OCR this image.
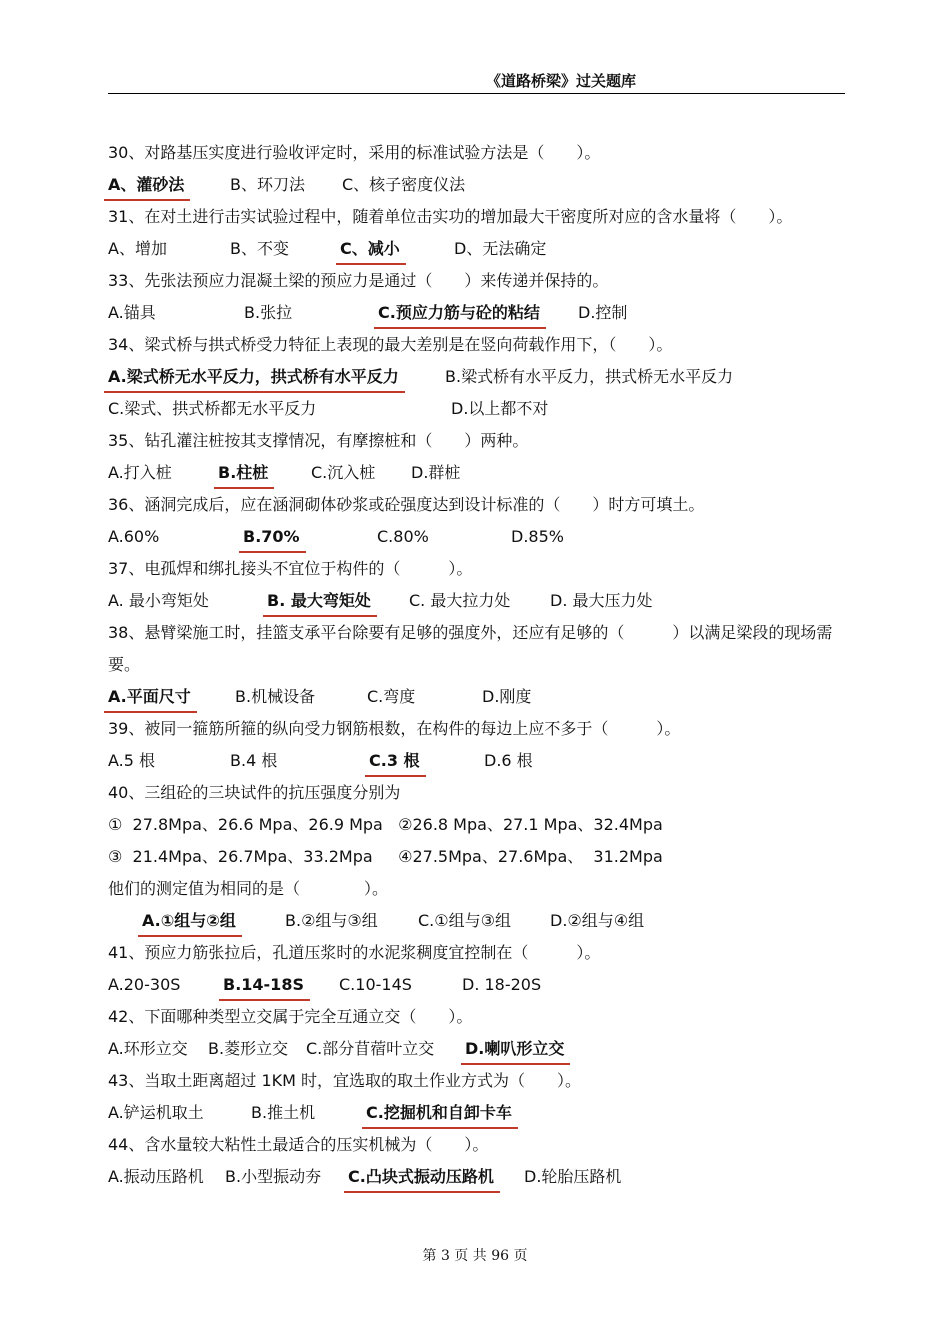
《道路桥梁》过关题库
30、对路基压实度进行验收评定时，采用的标准试验方法是（　　）。
A、灌砂法	B、环刀法 C、核子密度仪法
31、在对土进行击实试验过程中，随着单位击实功的增加最大干密度所对应的含水量将（　　）。
A、增加	B、不变	C、减小	D、无法确定
33、先张法预应力混凝土梁的预应力是通过（　　）来传递并保持的。
A.锚具	B.张拉	C.预应力筋与砼的粘结 D.控制
34、梁式桥与拱式桥受力特征上表现的最大差别是在竖向荷载作用下，（　　）。
A.梁式桥无水平反力，拱式桥有水平反力	B.梁式桥有水平反力，拱式桥无水平反力
C.梁式、拱式桥都无水平反力	D.以上都不对
35、钻孔灌注桩按其支撑情况，有摩擦桩和（　　）两种。
A.打入桩	B.柱桩	C.沉入桩 D.群桩
36、涵洞完成后，应在涵洞砌体砂浆或砼强度达到设计标准的（　　）时方可填土。
A.60%	B.70%	C.80%	D.85%
37、电孤焊和绑扎接头不宜位于构件的（　　　）。
A. 最小弯矩处	B. 最大弯矩处 C. 最大拉力处 D. 最大压力处
38、悬臂梁施工时，挂篮支承平台除要有足够的强度外，还应有足够的（　　　）以满足梁段的现场需
要。
A.平面尺寸	B.机械设备	C.弯度	D.刚度
39、被同一箍筋所箍的纵向受力钢筋根数，在构件的每边上应不多于（　　　）。
A.5 根	B.4 根	C.3 根	D.6 根
40、三组砼的三块试件的抗压强度分别为
①  27.8Mpa、26.6 Mpa、26.9 Mpa   ②26.8 Mpa、27.1 Mpa、32.4Mpa
③  21.4Mpa、26.7Mpa、33.2Mpa     ④27.5Mpa、27.6Mpa、  31.2Mpa
他们的测定值为相同的是（　　　　）。
A.①组与②组	B.②组与③组	C.①组与③组 D.②组与④组
41、预应力筋张拉后，孔道压浆时的水泥浆稠度宜控制在（　　　）。
A.20-30S	B.14-18S C.10-14S	D. 18-20S
42、下面哪种类型立交属于完全互通立交（　　）。
A.环形立交 B.菱形立交 C.部分苜蓿叶立交 D.喇叭形立交
43、当取土距离超过 1KM 时，宜选取的取土作业方式为（　　）。
A.铲运机取土	B.推土机	C.挖掘机和自卸卡车
44、含水量较大粘性土最适合的压实机械为（　　）。
A.振动压路机 B.小型振动夯 C.凸块式振动压路机 D.轮胎压路机
第 3 页 共 96 页
